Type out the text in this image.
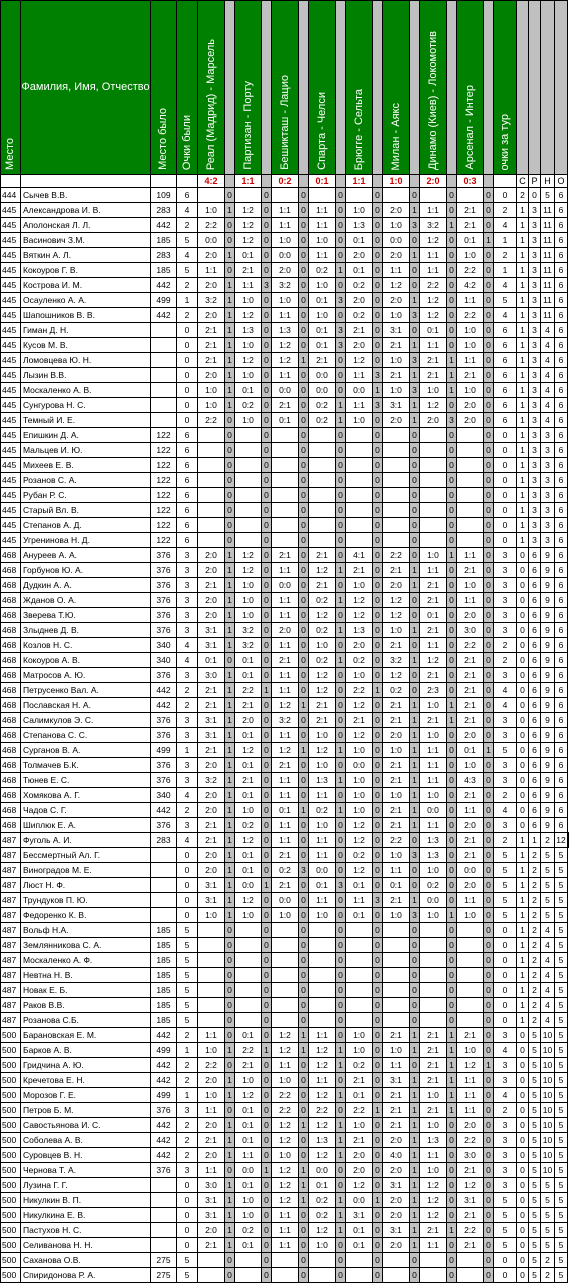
Место	Фамилия, Имя, Отчество	Место было	Очки были	Реал (Мадрид) - Марсель		Партизан - Порту		Бешикташ - Лацио		Спарта - Челси		Брюгге - Сельта		Милан - Аякс		Динамо (Киев) - Локомотив		Арсенал - Интер		очки за тур					
				4:2		1:1		0:2		0:1		1:1		1:0		2:0		0:3			С	Р	Н	О	
444	Сычев В.В.	109	6		0		0		0		0		0		0		0		0	0	2	0	5	6	
445	Александрова И. В.	283	4	1:0	1	1:2	0	1:1	0	1:1	0	1:0	0	2:0	1	1:1	0	2:1	0	2	1	3	11	6	
445	Аполонская Л. Л.	442	2	2:2	0	1:2	0	1:1	0	1:1	0	1:3	0	1:0	3	3:2	1	2:1	0	4	1	3	11	6	
445	Васинович З.М.	185	5	0:0	0	1:2	0	1:0	0	1:0	0	0:1	0	0:0	0	1:2	0	0:1	1	1	1	3	11	6	
445	Вяткин А. Л.	283	4	2:0	1	0:1	0	0:0	0	1:1	0	2:0	0	2:0	1	1:1	0	1:0	0	2	1	3	11	6	
445	Кокоуров Г. В.	185	5	1:1	0	2:1	0	2:0	0	0:2	1	0:1	0	1:1	0	1:1	0	2:2	0	1	1	3	11	6	
445	Кострова И. М.	442	2	2:0	1	1:1	3	3:2	0	1:0	0	0:2	0	1:2	0	2:2	0	4:2	0	4	1	3	11	6	
445	Осауленко А. А.	499	1	3:2	1	1:0	0	1:0	0	0:1	3	2:0	0	2:0	1	1:2	0	1:1	0	5	1	3	11	6	
445	Шапошников В. В.	442	2	2:0	1	1:2	0	1:1	0	1:0	0	0:2	0	1:0	3	1:2	0	2:2	0	4	1	3	11	6	
445	Гиман Д. Н.		0	2:1	1	1:3	0	1:3	0	0:1	3	2:1	0	3:1	0	0:1	0	1:0	0	6	1	3	4	6	
445	Кусов М. В.		0	2:1	1	1:0	0	1:2	0	0:1	3	2:0	0	2:1	1	1:1	0	1:0	0	6	1	3	4	6	
445	Ломовцева Ю. Н.		0	2:1	1	1:2	0	1:2	1	2:1	0	1:2	0	1:0	3	2:1	1	1:1	0	6	1	3	4	6	
445	Лызин В.В.		0	2:0	1	1:0	0	1:1	0	0:0	0	1:1	3	2:1	1	2:1	1	2:1	0	6	1	3	4	6	
445	Москаленко А. В.		0	1:0	1	0:1	0	0:0	0	0:0	0	0:0	1	1:0	3	1:0	1	1:0	0	6	1	3	4	6	
445	Сунгурова Н. С.		0	1:0	1	0:2	0	2:1	0	0:2	1	1:1	3	3:1	1	1:2	0	2:0	0	6	1	3	4	6	
445	Темный И. Е.		0	2:2	0	1:0	0	0:1	0	0:2	1	1:0	0	2:0	1	2:0	3	2:0	0	6	1	3	4	6	
445	Епишкин Д. А.	122	6		0		0		0		0		0		0		0		0	0	1	3	3	6	
445	Мальцев И. Ю.	122	6		0		0		0		0		0		0		0		0	0	1	3	3	6	
445	Михеев Е. В.	122	6		0		0		0		0		0		0		0		0	0	1	3	3	6	
445	Розанов С. А.	122	6		0		0		0		0		0		0		0		0	0	1	3	3	6	
445	Рубан Р. С.	122	6		0		0		0		0		0		0		0		0	0	1	3	3	6	
445	Старый Вл. В.	122	6		0		0		0		0		0		0		0		0	0	1	3	3	6	
445	Степанов А. Д.	122	6		0		0		0		0		0		0		0		0	0	1	3	3	6	
445	Угренинова Н. Д.	122	6		0		0		0		0		0		0		0		0	0	1	3	3	6	
468	Ануреев А. А.	376	3	2:0	1	1:2	0	2:1	0	2:1	0	4:1	0	2:2	0	1:0	1	1:1	0	3	0	6	9	6	
468	Горбунов Ю. А.	376	3	2:0	1	1:2	0	1:1	0	1:2	1	2:1	0	2:1	1	1:1	0	2:1	0	3	0	6	9	6	
468	Дудкин А. А.	376	3	2:1	1	1:0	0	0:0	0	2:1	0	1:0	0	2:0	1	2:1	0	1:0	0	3	0	6	9	6	
468	Жданов О. А.	376	3	2:0	1	1:0	0	1:1	0	0:2	1	1:2	0	1:2	0	2:1	0	1:1	0	3	0	6	9	6	
468	Зверева Т.Ю.	376	3	2:0	1	1:0	0	1:1	0	1:2	0	1:2	0	1:2	0	0:1	0	2:0	0	3	0	6	9	6	
468	Злыднев Д. В.	376	3	3:1	1	3:2	0	2:0	0	0:2	1	1:3	0	1:0	1	2:1	0	3:0	0	3	0	6	9	6	
468	Козлов Н. С.	340	4	3:1	1	3:2	0	1:1	0	1:0	0	2:0	0	2:1	0	1:1	0	2:2	0	2	0	6	9	6	
468	Кокоуров А. В.	340	4	0:1	0	0:1	0	2:1	0	0:2	1	0:2	0	3:2	1	1:2	0	2:1	0	2	0	6	9	6	
468	Матросов А. Ю.	376	3	3:0	1	0:1	0	1:1	0	1:2	0	1:0	0	1:2	0	2:1	0	2:1	0	3	0	6	9	6	
468	Петрусенко Вал. А.	442	2	2:1	1	2:2	1	1:1	0	1:2	0	2:2	1	0:2	0	2:3	0	2:1	0	4	0	6	9	6	
468	Пославская Н. А.	442	2	2:1	1	2:1	0	1:2	1	2:1	0	1:2	0	2:1	1	1:0	1	2:1	0	4	0	6	9	6	
468	Салимкулов Э. С.	376	3	3:1	1	2:0	0	3:2	0	2:1	0	2:1	0	2:1	1	2:1	1	2:1	0	3	0	6	9	6	
468	Степанова С. С.	376	3	3:1	1	0:1	0	1:1	0	1:0	0	1:2	0	2:0	1	1:0	0	2:0	0	3	0	6	9	6	
468	Сурганов В. А.	499	1	2:1	1	1:2	0	1:2	1	1:2	1	1:0	0	1:0	1	1:1	0	0:1	1	5	0	6	9	6	
468	Толмачев Б.К.	376	3	2:0	1	0:1	0	2:1	0	1:0	0	0:0	0	2:1	1	1:1	0	1:0	0	3	0	6	9	6	
468	Тюнев Е. С.	376	3	3:2	1	2:1	0	1:1	0	1:3	1	1:0	0	2:1	1	1:1	0	4:3	0	3	0	6	9	6	
468	Хомякова А. Г.	340	4	2:0	1	0:1	0	1:1	0	1:1	0	1:0	0	1:0	1	1:0	0	2:1	0	2	0	6	9	6	
468	Чадов С. Г.	442	2	2:0	1	1:0	0	0:1	1	0:2	1	1:0	0	2:1	1	0:0	0	1:1	0	4	0	6	9	6	
468	Шиплюк Е. А.	376	3	2:1	1	0:2	0	1:1	0	1:0	0	1:2	0	2:1	1	1:1	0	2:0	0	3	0	6	9	6	
487	Фуголь А. И.	283	4	2:1	1	1:2	0	1:1	0	1:1	0	1:2	0	2:2	0	1:3	0	2:1	0	2	1	1	2	12	
487	Бессмертный Ал. Г.		0	2:0	1	0:1	0	2:1	0	1:1	0	0:2	0	1:0	3	1:3	0	2:1	0	5	1	2	5	5	
487	Виноградов М. Е.		0	2:0	1	0:1	0	0:2	3	0:0	0	1:2	0	1:1	0	1:0	0	0:0	0	5	1	2	5	5	
487	Люст Н. Ф.		0	3:1	1	0:0	1	2:1	0	0:1	3	0:1	0	0:1	0	0:2	0	2:0	0	5	1	2	5	5	
487	Трундуков П. Ю.		0	3:1	1	1:2	0	0:0	0	1:1	0	1:1	3	2:1	1	0:0	0	1:1	0	5	1	2	5	5	
487	Федоренко К. В.		0	1:0	1	1:0	0	1:0	0	1:0	0	0:1	0	1:0	3	1:0	1	1:0	0	5	1	2	5	5	
487	Вольф Н.А.	185	5		0		0		0		0		0		0		0		0	0	1	2	4	5	
487	Землянникова С. А.	185	5		0		0		0		0		0		0		0		0	0	1	2	4	5	
487	Москаленко А. Ф.	185	5		0		0		0		0		0		0		0		0	0	1	2	4	5	
487	Невтна Н. В.	185	5		0		0		0		0		0		0		0		0	0	1	2	4	5	
487	Новак Е. Б.	185	5		0		0		0		0		0		0		0		0	0	1	2	4	5	
487	Раков В.В.	185	5		0		0		0		0		0		0		0		0	0	1	2	4	5	
487	Розанова С.Б.	185	5		0		0		0		0		0		0		0		0	0	1	2	4	5	
500	Барановская Е. М.	442	2	1:1	0	0:1	0	1:2	1	1:1	0	1:0	0	2:1	1	2:1	1	2:1	0	3	0	5	10	5	
500	Барков А. В.	499	1	1:0	1	2:2	1	1:2	1	1:2	1	1:0	0	1:0	1	2:1	1	1:0	0	4	0	5	10	5	
500	Гридчина А. Ю.	442	2	2:2	0	2:1	0	1:1	0	1:2	1	0:2	0	1:1	0	2:1	1	1:2	1	3	0	5	10	5	
500	Кречетова Е. Н.	442	2	2:0	1	1:0	0	1:0	0	1:1	0	2:1	0	3:1	1	2:1	1	1:1	0	3	0	5	10	5	
500	Морозов Г. Е.	499	1	1:0	1	1:2	0	2:2	0	1:2	1	0:1	0	2:1	1	1:0	1	1:1	0	4	0	5	10	5	
500	Петров Б. М.	376	3	1:1	0	0:1	0	2:2	0	2:2	0	2:2	1	2:1	1	2:1	1	1:1	0	2	0	5	10	5	
500	Савостьянова И. С.	442	2	2:0	1	0:1	0	1:2	1	1:2	1	1:0	0	2:1	1	1:0	0	2:0	0	3	0	5	10	5	
500	Соболева А. В.	442	2	2:1	1	0:1	0	1:2	0	1:3	1	2:1	0	2:0	1	1:3	0	2:2	0	3	0	5	10	5	
500	Суровцев В. Н.	442	2	2:0	1	1:1	0	1:0	0	1:2	1	2:0	0	4:0	1	1:1	0	3:0	0	3	0	5	10	5	
500	Чернова Т. А.	376	3	1:1	0	0:0	1	1:2	1	0:0	0	2:0	0	2:0	1	1:0	0	2:1	0	3	0	5	10	5	
500	Лузина Г. Г.		0	3:0	1	0:1	0	1:2	1	0:1	0	1:2	0	3:1	1	1:2	0	1:2	0	3	0	5	5	5	
500	Никулкин В. П.		0	3:1	1	1:0	0	1:2	1	0:2	1	0:0	1	2:0	1	1:2	0	3:1	0	5	0	5	5	5	
500	Никулкина Е. В.		0	3:1	1	1:0	0	1:1	0	0:2	1	3:1	0	2:0	1	1:2	0	2:1	0	5	0	5	5	5	
500	Пастухов Н. С.		0	2:0	1	0:2	0	1:1	0	1:2	1	0:1	0	3:1	1	2:1	1	2:2	0	5	0	5	5	5	
500	Селиванова Н. Н.		0	2:1	1	0:1	0	1:1	0	1:0	0	0:1	0	2:0	1	1:1	0	2:1	0	5	0	5	5	5	
500	Саханова О.В.	275	5		0		0		0		0		0		0		0		0	0	0	5	2	5	
500	Спиридонова Р. А.	275	5		0		0		0		0		0		0		0		0	0	0	5	2	5	
